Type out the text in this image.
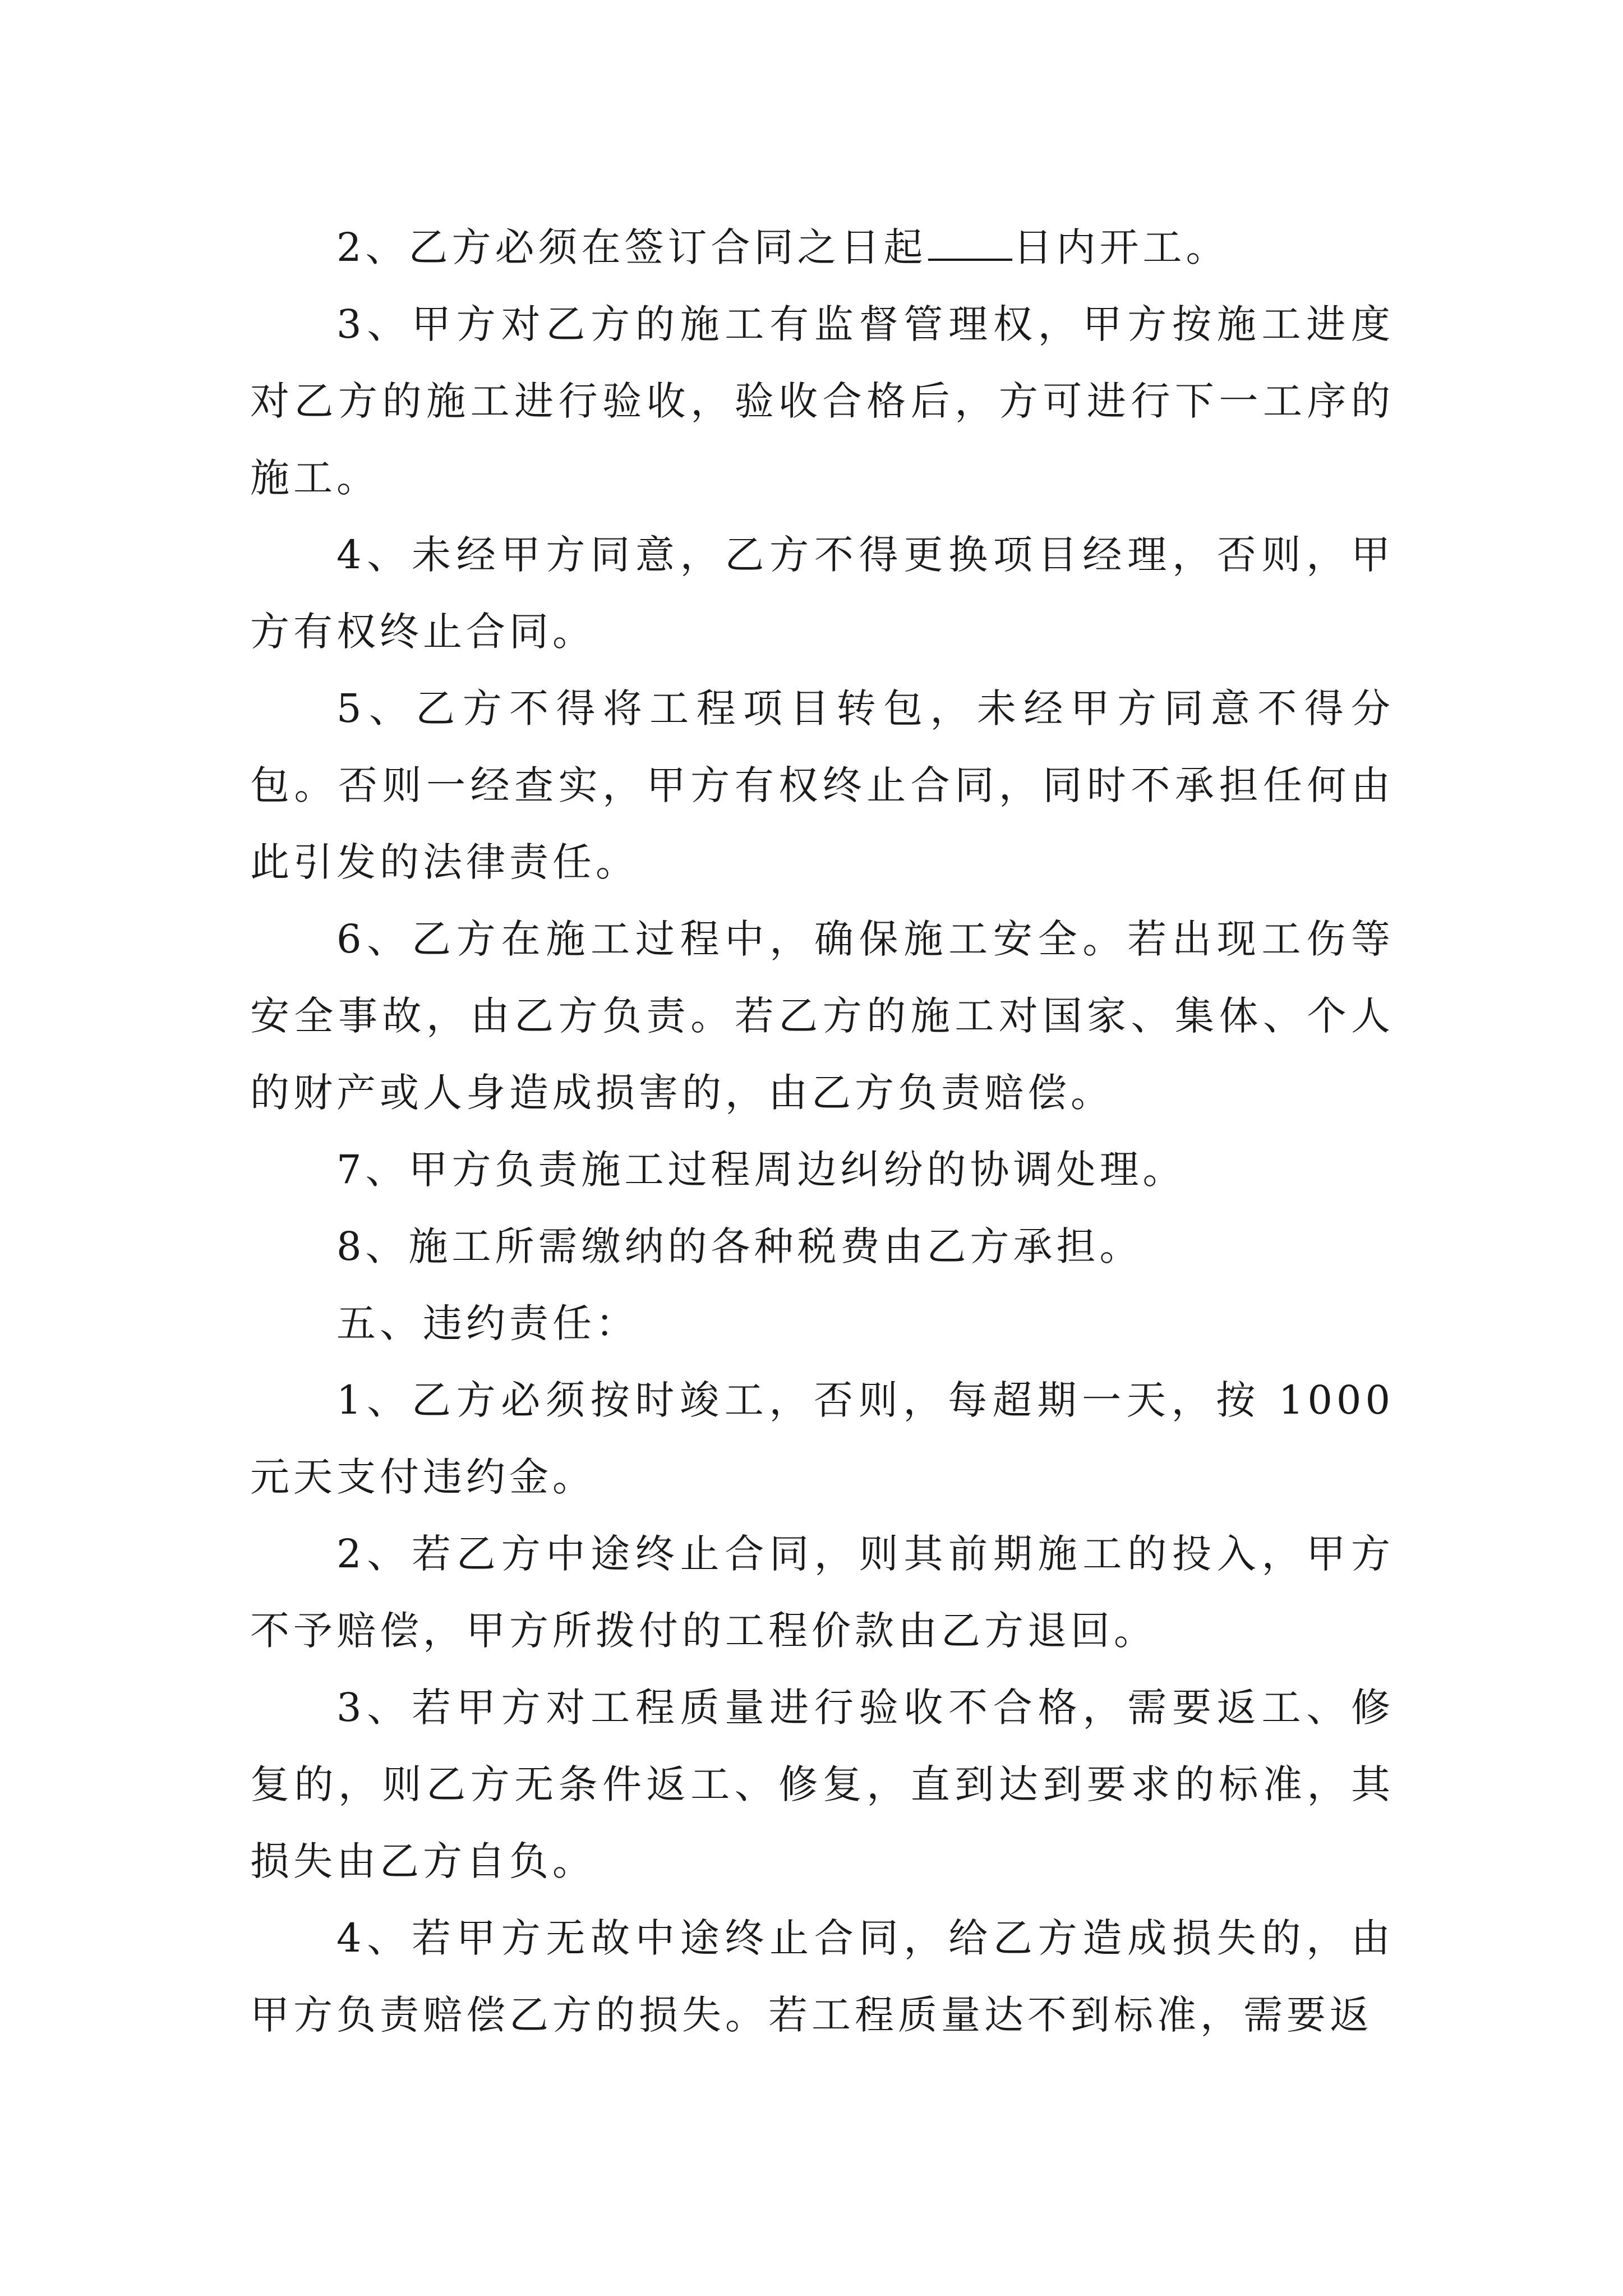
2、乙方必须在签订合同之日起 日内开工。

3、甲方对乙方的施工有监督管理权，甲方按施工进度对乙方的施工进行验收，验收合格后，方可进行下一工序的施工。

4、未经甲方同意，乙方不得更换项目经理，否则，甲方有权终止合同。

5、乙方不得将工程项目转包，未经甲方同意不得分包。否则一经查实，甲方有权终止合同，同时不承担任何由此引发的法律责任。

6、乙方在施工过程中，确保施工安全。若出现工伤等安全事故，由乙方负责。若乙方的施工对国家、集体、个人的财产或人身造成损害的，由乙方负责赔偿。

7、甲方负责施工过程周边纠纷的协调处理。

8、施工所需缴纳的各种税费由乙方承担。

五、违约责任：

1、乙方必须按时竣工，否则，每超期一天，按 1000 元天支付违约金。

2、若乙方中途终止合同，则其前期施工的投入，甲方不予赔偿，甲方所拨付的工程价款由乙方退回。

3、若甲方对工程质量进行验收不合格，需要返工、修复的，则乙方无条件返工、修复，直到达到要求的标准，其损失由乙方自负。

4、若甲方无故中途终止合同，给乙方造成损失的，由甲方负责赔偿乙方的损失。若工程质量达不到标准，需要返
